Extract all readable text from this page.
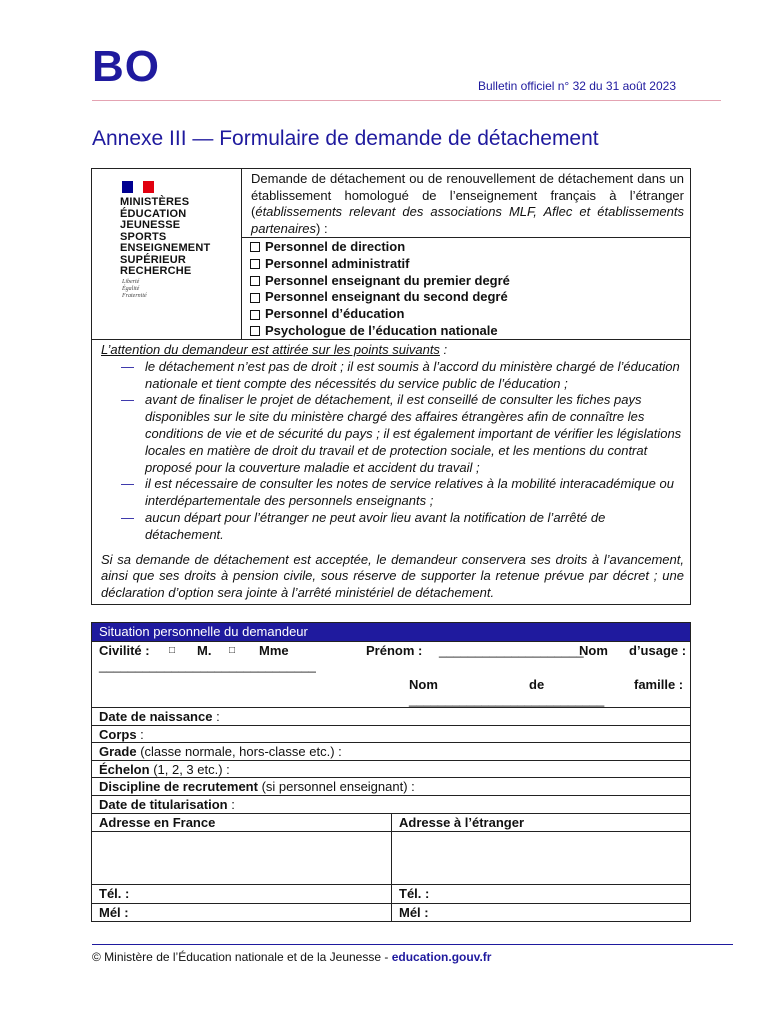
BO	Bulletin officiel n° 32 du 31 août 2023
Annexe III — Formulaire de demande de détachement
MINISTÈRES
ÉDUCATION
JEUNESSE
SPORTS
ENSEIGNEMENT
SUPÉRIEUR
RECHERCHE
Liberté
Égalité
Fraternité
Demande de détachement ou de renouvellement de détachement dans un établissement homologué de l’enseignement français à l’étranger (établissements relevant des associations MLF, Aflec et établissements partenaires) :
Personnel de direction
Personnel administratif
Personnel enseignant du premier degré
Personnel enseignant du second degré
Personnel d’éducation
Psychologue de l’éducation nationale
L’attention du demandeur est attirée sur les points suivants :
— le détachement n’est pas de droit ; il est soumis à l’accord du ministère chargé de l’éducation nationale et tient compte des nécessités du service public de l’éducation ;
— avant de finaliser le projet de détachement, il est conseillé de consulter les fiches pays disponibles sur le site du ministère chargé des affaires étrangères afin de connaître les conditions de vie et de sécurité du pays ; il est également important de vérifier les législations locales en matière de droit du travail et de protection sociale, et les mentions du contrat proposé pour la couverture maladie et accident du travail ;
— il est nécessaire de consulter les notes de service relatives à la mobilité interacadémique ou interdépartementale des personnels enseignants ;
— aucun départ pour l’étranger ne peut avoir lieu avant la notification de l’arrêté de détachement.
Si sa demande de détachement est acceptée, le demandeur conservera ses droits à l’avancement, ainsi que ses droits à pension civile, sous réserve de supporter la retenue prévue par décret ; une déclaration d’option sera jointe à l’arrêté ministériel de détachement.
Situation personnelle du demandeur
Civilité : □ M. □ Mme	Prénom : ____________________
Nom d’usage :
______________________________
Nom	de	famille :
___________________________
Date de naissance :
Corps :
Grade (classe normale, hors-classe etc.) :
Échelon (1, 2, 3 etc.) :
Discipline de recrutement (si personnel enseignant) :
Date de titularisation :
Adresse en France	Adresse à l’étranger
Tél. :	Tél. :
Mél :	Mél :
© Ministère de l’Éducation nationale et de la Jeunesse - education.gouv.fr
